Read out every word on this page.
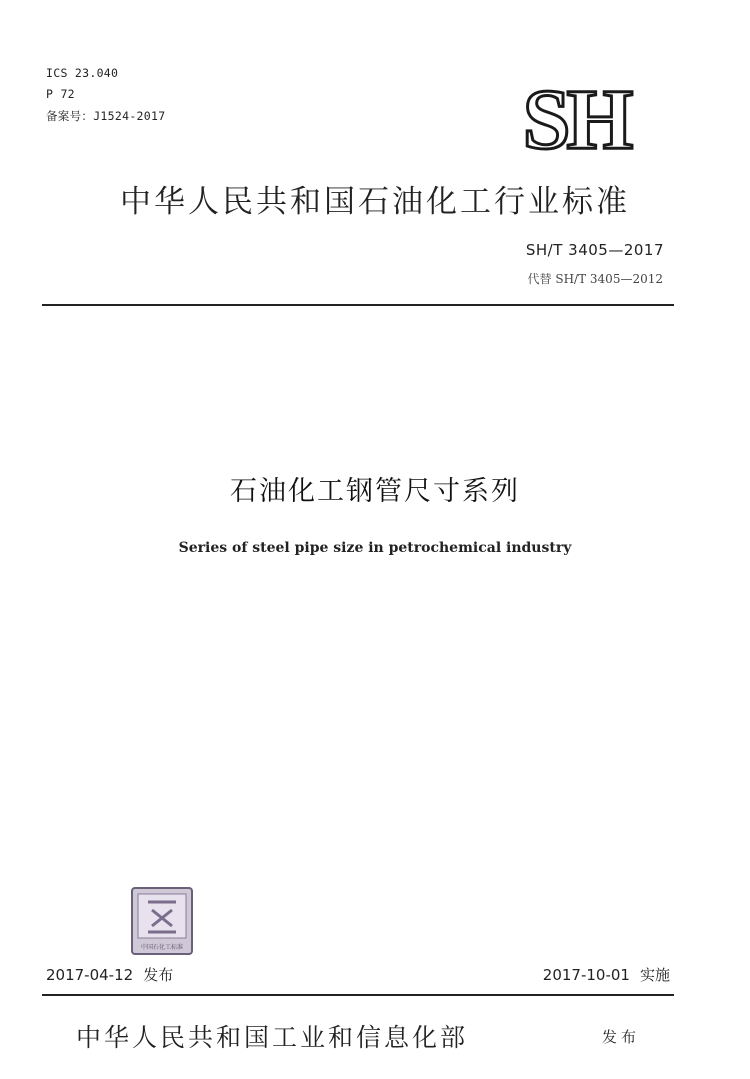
ICS 23.040
P 72
备案号：J1524-2017	SH
中华人民共和国石油化工行业标准
SH/T 3405—2017
代替 SH/T 3405—2012
石油化工钢管尺寸系列
Series of steel pipe size in petrochemical industry
中国石化工标准
2017-04-12 发布	2017-10-01 实施
中华人民共和国工业和信息化部	发布
